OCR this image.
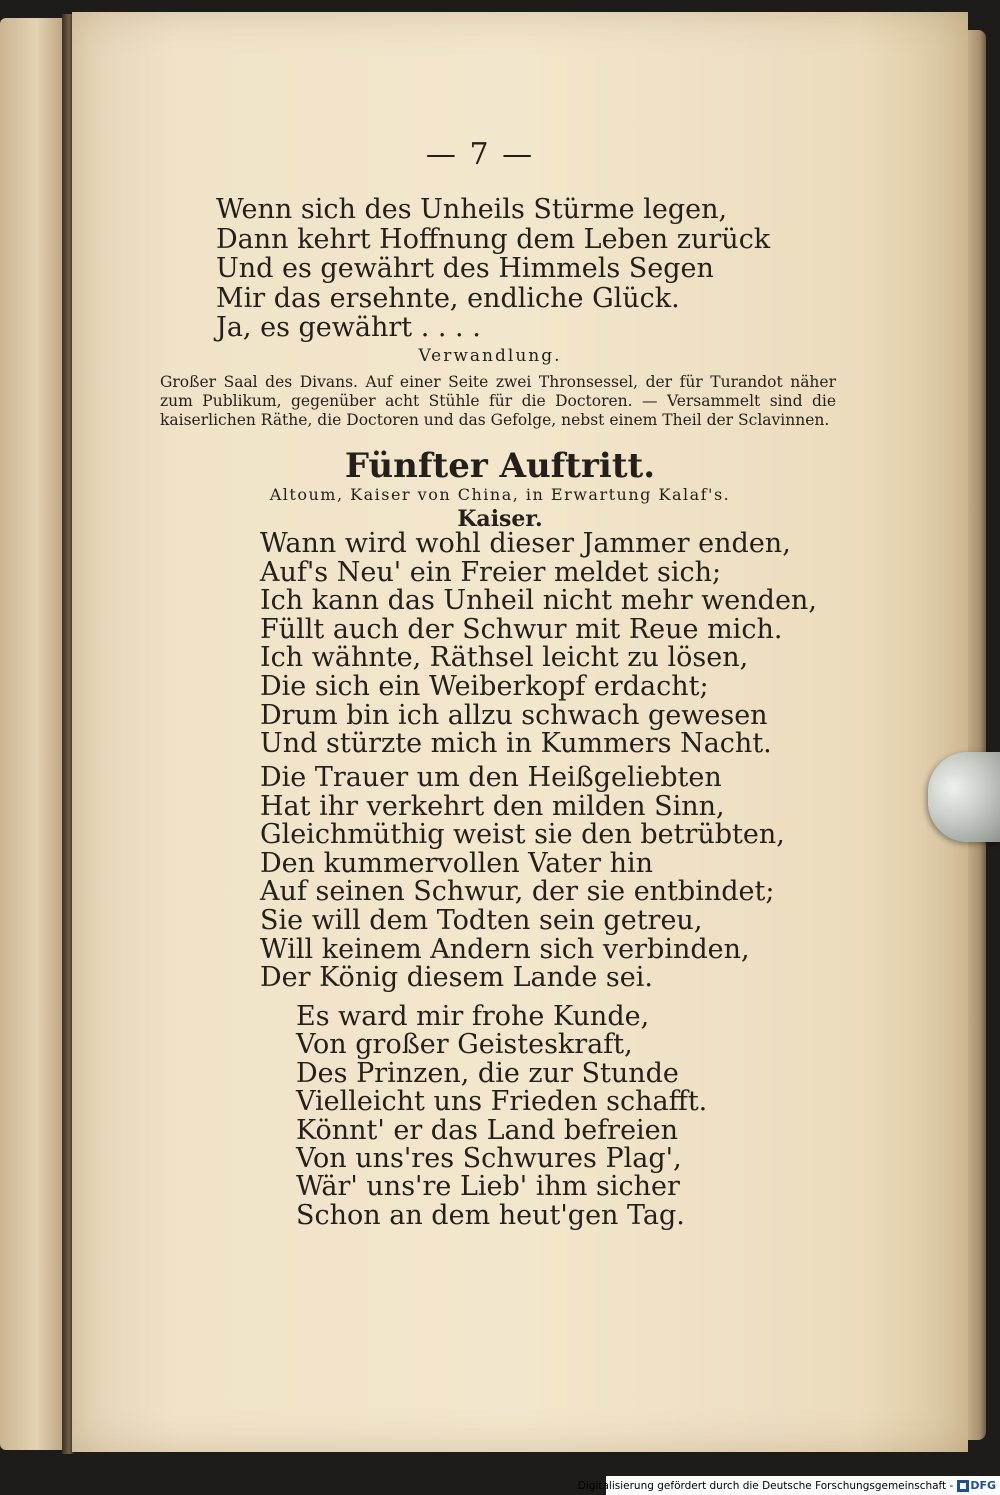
— 7 —
Wenn sich des Unheils Stürme legen,
Dann kehrt Hoffnung dem Leben zurück
Und es gewährt des Himmels Segen
Mir das ersehnte, endliche Glück.
Ja, es gewährt . . . .
Verwandlung.
Großer Saal des Divans. Auf einer Seite zwei Thronsessel, der für Turandot näher zum Publikum, gegenüber acht Stühle für die Doctoren. — Versammelt sind die kaiserlichen Räthe, die Doctoren und das Gefolge, nebst einem Theil der Sclavinnen.
Fünfter Auftritt.
Altoum, Kaiser von China, in Erwartung Kalaf's.
Kaiser.
Wann wird wohl dieser Jammer enden,
Auf's Neu' ein Freier meldet sich;
Ich kann das Unheil nicht mehr wenden,
Füllt auch der Schwur mit Reue mich.
Ich wähnte, Räthsel leicht zu lösen,
Die sich ein Weiberkopf erdacht;
Drum bin ich allzu schwach gewesen
Und stürzte mich in Kummers Nacht.
Die Trauer um den Heißgeliebten
Hat ihr verkehrt den milden Sinn,
Gleichmüthig weist sie den betrübten,
Den kummervollen Vater hin
Auf seinen Schwur, der sie entbindet;
Sie will dem Todten sein getreu,
Will keinem Andern sich verbinden,
Der König diesem Lande sei.
Es ward mir frohe Kunde,
Von großer Geisteskraft,
Des Prinzen, die zur Stunde
Vielleicht uns Frieden schafft.
Könnt' er das Land befreien
Von uns'res Schwures Plag',
Wär' uns're Lieb' ihm sicher
Schon an dem heut'gen Tag.
Digitalisierung gefördert durch die Deutsche Forschungsgemeinschaft - DFG
